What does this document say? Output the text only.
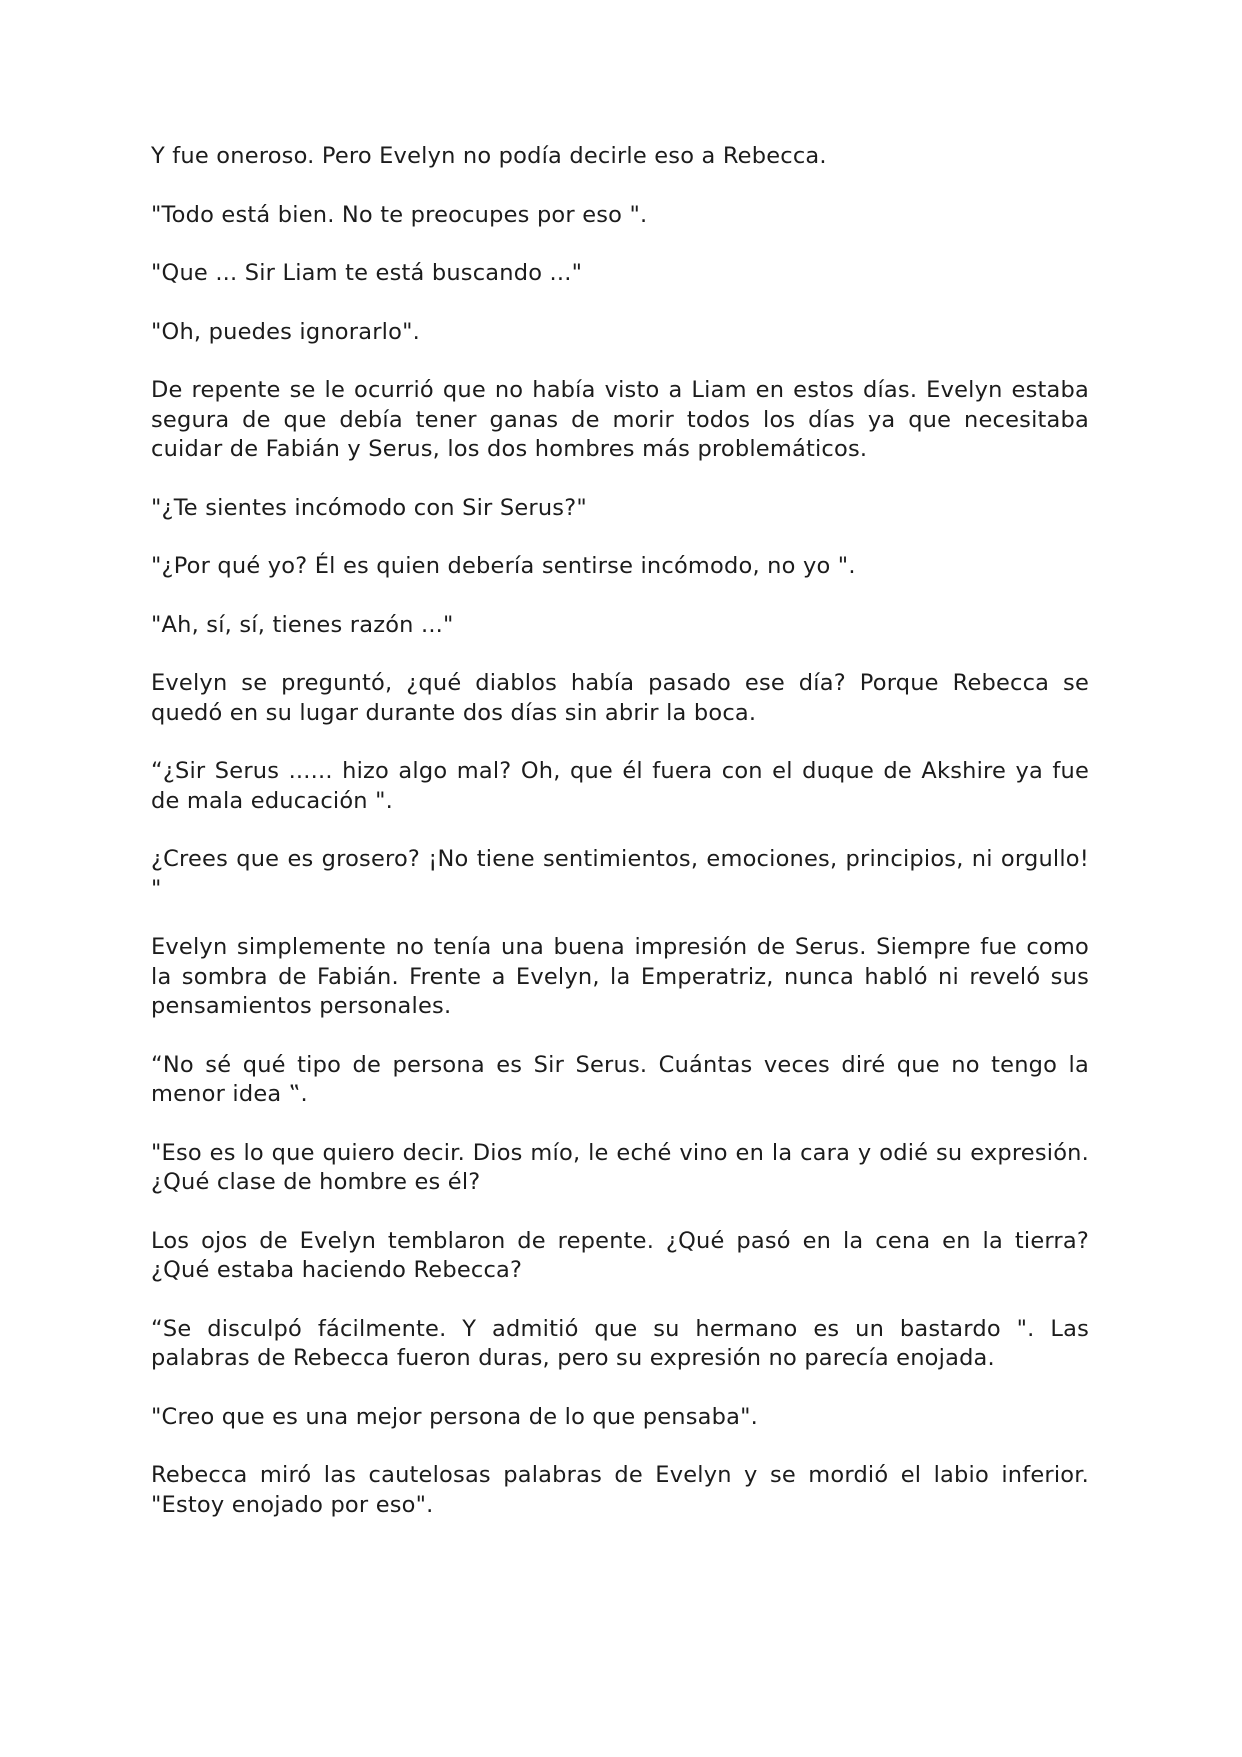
Y fue oneroso. Pero Evelyn no podía decirle eso a Rebecca.

"Todo está bien. No te preocupes por eso ".

"Que ... Sir Liam te está buscando ..."

"Oh, puedes ignorarlo".

De repente se le ocurrió que no había visto a Liam en estos días. Evelyn estaba segura de que debía tener ganas de morir todos los días ya que necesitaba cuidar de Fabián y Serus, los dos hombres más problemáticos.

"¿Te sientes incómodo con Sir Serus?"

"¿Por qué yo? Él es quien debería sentirse incómodo, no yo ".

"Ah, sí, sí, tienes razón ..."

Evelyn se preguntó, ¿qué diablos había pasado ese día? Porque Rebecca se quedó en su lugar durante dos días sin abrir la boca.

“¿Sir Serus ...... hizo algo mal? Oh, que él fuera con el duque de Akshire ya fue de mala educación ".

¿Crees que es grosero? ¡No tiene sentimientos, emociones, principios, ni orgullo! "

Evelyn simplemente no tenía una buena impresión de Serus. Siempre fue como la sombra de Fabián. Frente a Evelyn, la Emperatriz, nunca habló ni reveló sus pensamientos personales.

“No sé qué tipo de persona es Sir Serus. Cuántas veces diré que no tengo la menor idea ‟.

"Eso es lo que quiero decir. Dios mío, le eché vino en la cara y odié su expresión. ¿Qué clase de hombre es él?

Los ojos de Evelyn temblaron de repente. ¿Qué pasó en la cena en la tierra? ¿Qué estaba haciendo Rebecca?

“Se disculpó fácilmente. Y admitió que su hermano es un bastardo ". Las palabras de Rebecca fueron duras, pero su expresión no parecía enojada.

"Creo que es una mejor persona de lo que pensaba".

Rebecca miró las cautelosas palabras de Evelyn y se mordió el labio inferior. "Estoy enojado por eso".
